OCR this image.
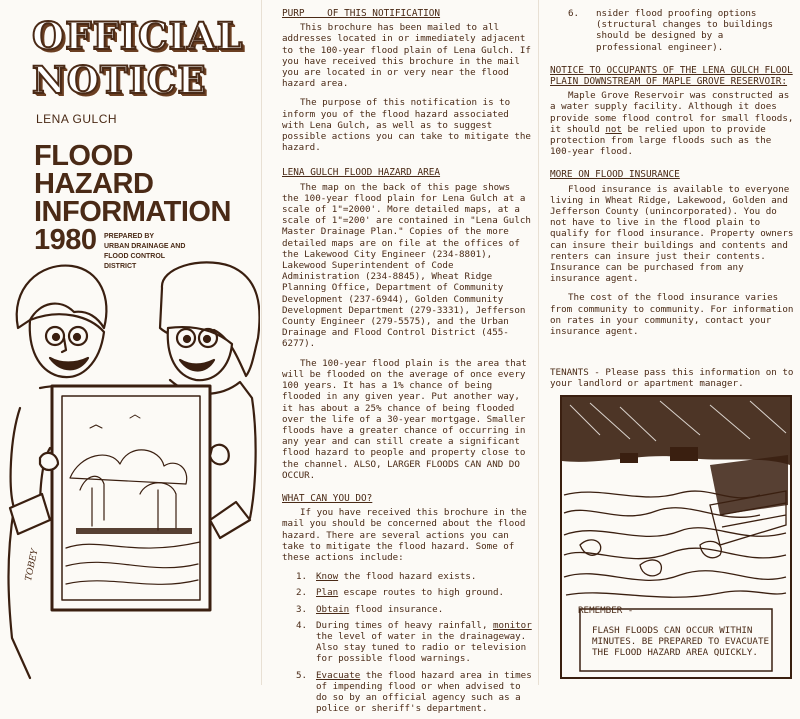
OFFICIAL NOTICE
LENA GULCH
FLOOD
HAZARD
INFORMATION
1980	PREPARED BY
URBAN DRAINAGE AND
FLOOD CONTROL
DISTRICT
TOBEY
PURP    OF THIS NOTIFICATION

This brochure has been mailed to all addresses located in or immediately adjacent to the 100-year flood plain of Lena Gulch. If you have received this brochure in the mail you are located in or very near the flood hazard area.

The purpose of this notification is to inform you of the flood hazard associated with Lena Gulch, as well as to suggest possible actions you can take to mitigate the hazard.

LENA GULCH FLOOD HAZARD AREA

The map on the back of this page shows the 100-year flood plain for Lena Gulch at a scale of 1"=2000'. More detailed maps, at a scale of 1"=200' are contained in "Lena Gulch Master Drainage Plan." Copies of the more detailed maps are on file at the offices of the Lakewood City Engineer (234-8801), Lakewood Superintendent of Code Administration (234-8845), Wheat Ridge Planning Office, Department of Community Development (237-6944), Golden Community Development Department (279-3331), Jefferson County Engineer (279-5575), and the Urban Drainage and Flood Control District (455-6277).

The 100-year flood plain is the area that will be flooded on the average of once every 100 years. It has a 1% chance of being flooded in any given year. Put another way, it has about a 25% chance of being flooded over the life of a 30-year mortgage. Smaller floods have a greater chance of occurring in any year and can still create a significant flood hazard to people and property close to the channel. ALSO, LARGER FLOODS CAN AND DO OCCUR.

WHAT CAN YOU DO?

If you have received this brochure in the mail you should be concerned about the flood hazard. There are several actions you can take to mitigate the flood hazard. Some of these actions include:

1. Know the flood hazard exists.
2. Plan escape routes to high ground.
3. Obtain flood insurance.
4. During times of heavy rainfall, monitor the level of water in the drainageway. Also stay tuned to radio or television for possible flood warnings.
5. Evacuate the flood hazard area in times of impending flood or when advised to do so by an official agency such as a police or sheriff's department.
6.	nsider flood proofing options (structural changes to buildings should be designed by a professional engineer).
NOTICE TO OCCUPANTS OF THE LENA GULCH FLOOL PLAIN DOWNSTREAM OF MAPLE GROVE RESERVOIR:

Maple Grove Reservoir was constructed as a water supply facility. Although it does provide some flood control for small floods, it should not be relied upon to provide protection from large floods such as the 100-year flood.

MORE ON FLOOD INSURANCE

Flood insurance is available to everyone living in Wheat Ridge, Lakewood, Golden and Jefferson County (unincorporated). You do not have to live in the flood plain to qualify for flood insurance. Property owners can insure their buildings and contents and renters can insure just their contents. Insurance can be purchased from any insurance agent.

The cost of the flood insurance varies from community to community. For information on rates in your community, contact your insurance agent.

TENANTS - Please pass this information on to your landlord or apartment manager.

REMEMBER -
FLASH FLOODS CAN OCCUR WITHIN MINUTES. BE PREPARED TO EVACUATE THE FLOOD HAZARD AREA QUICKLY.
